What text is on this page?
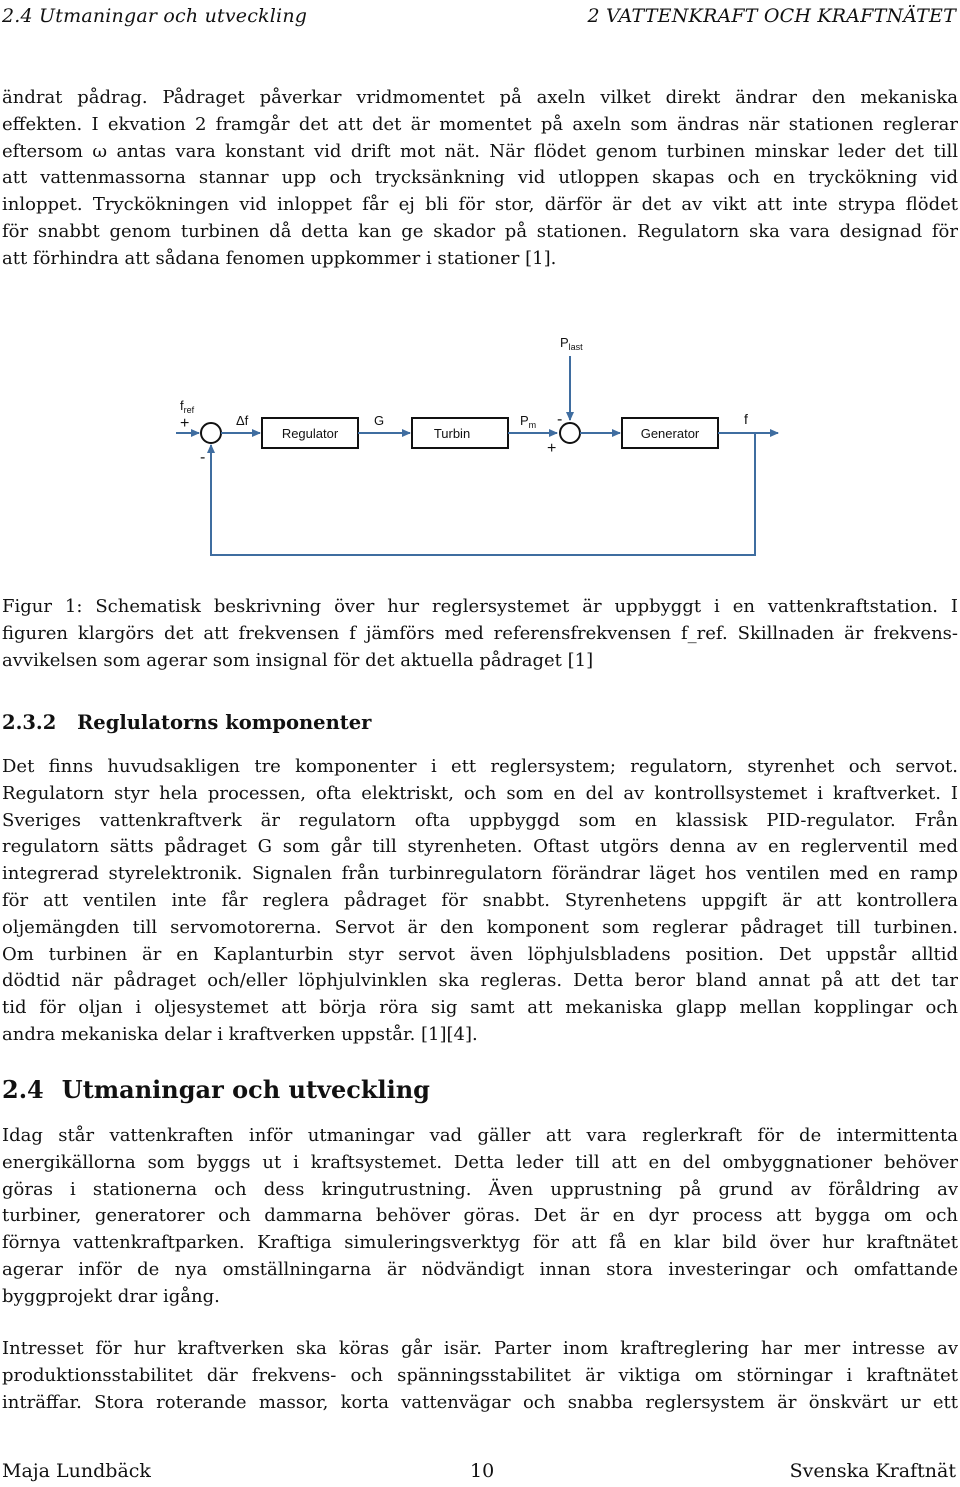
2.4 Utmaningar och utveckling	2 VATTENKRAFT OCH KRAFTNÄTET
ändrat pådrag. Pådraget påverkar vridmomentet på axeln vilket direkt ändrar den mekaniska
effekten. I ekvation 2 framgår det att det är momentet på axeln som ändras när stationen reglerar
eftersom ω antas vara konstant vid drift mot nät. När flödet genom turbinen minskar leder det till
att vattenmassorna stannar upp och trycksänkning vid utloppen skapas och en tryckökning vid
inloppet. Tryckökningen vid inloppet får ej bli för stor, därför är det av vikt att inte strypa flödet
för snabbt genom turbinen då detta kan ge skador på stationen. Regulatorn ska vara designad för
att förhindra att sådana fenomen uppkommer i stationer [1].
$f_{ref}$
+
-
Δf
Regulator
G
Turbin
$P_m$
$P_{last}$
-
+
Generator
f
Figur 1: Schematisk beskrivning över hur reglersystemet är uppbyggt i en vattenkraftstation. I
figuren klargörs det att frekvensen f jämförs med referensfrekvensen f_ref. Skillnaden är frekvens-
avvikelsen som agerar som insignal för det aktuella pådraget [1]
2.3.2 Reglulatorns komponenter
Det finns huvudsakligen tre komponenter i ett reglersystem; regulatorn, styrenhet och servot.
Regulatorn styr hela processen, ofta elektriskt, och som en del av kontrollsystemet i kraftverket. I
Sveriges vattenkraftverk är regulatorn ofta uppbyggd som en klassisk PID-regulator. Från
regulatorn sätts pådraget G som går till styrenheten. Oftast utgörs denna av en reglerventil med
integrerad styrelektronik. Signalen från turbinregulatorn förändrar läget hos ventilen med en ramp
för att ventilen inte får reglera pådraget för snabbt. Styrenhetens uppgift är att kontrollera
oljemängden till servomotorerna. Servot är den komponent som reglerar pådraget till turbinen.
Om turbinen är en Kaplanturbin styr servot även löphjulsbladens position. Det uppstår alltid
dödtid när pådraget och/eller löphjulvinklen ska regleras. Detta beror bland annat på att det tar
tid för oljan i oljesystemet att börja röra sig samt att mekaniska glapp mellan kopplingar och
andra mekaniska delar i kraftverken uppstår. [1][4].
2.4 Utmaningar och utveckling
Idag står vattenkraften inför utmaningar vad gäller att vara reglerkraft för de intermittenta
energikällorna som byggs ut i kraftsystemet. Detta leder till att en del ombyggnationer behöver
göras i stationerna och dess kringutrustning. Även upprustning på grund av föråldring av
turbiner, generatorer och dammarna behöver göras. Det är en dyr process att bygga om och
förnya vattenkraftparken. Kraftiga simuleringsverktyg för att få en klar bild över hur kraftnätet
agerar inför de nya omställningarna är nödvändigt innan stora investeringar och omfattande
byggprojekt drar igång.
Intresset för hur kraftverken ska köras går isär. Parter inom kraftreglering har mer intresse av
produktionsstabilitet där frekvens- och spänningsstabilitet är viktiga om störningar i kraftnätet
inträffar. Stora roterande massor, korta vattenvägar och snabba reglersystem är önskvärt ur ett
Maja Lundbäck	10	Svenska Kraftnät
